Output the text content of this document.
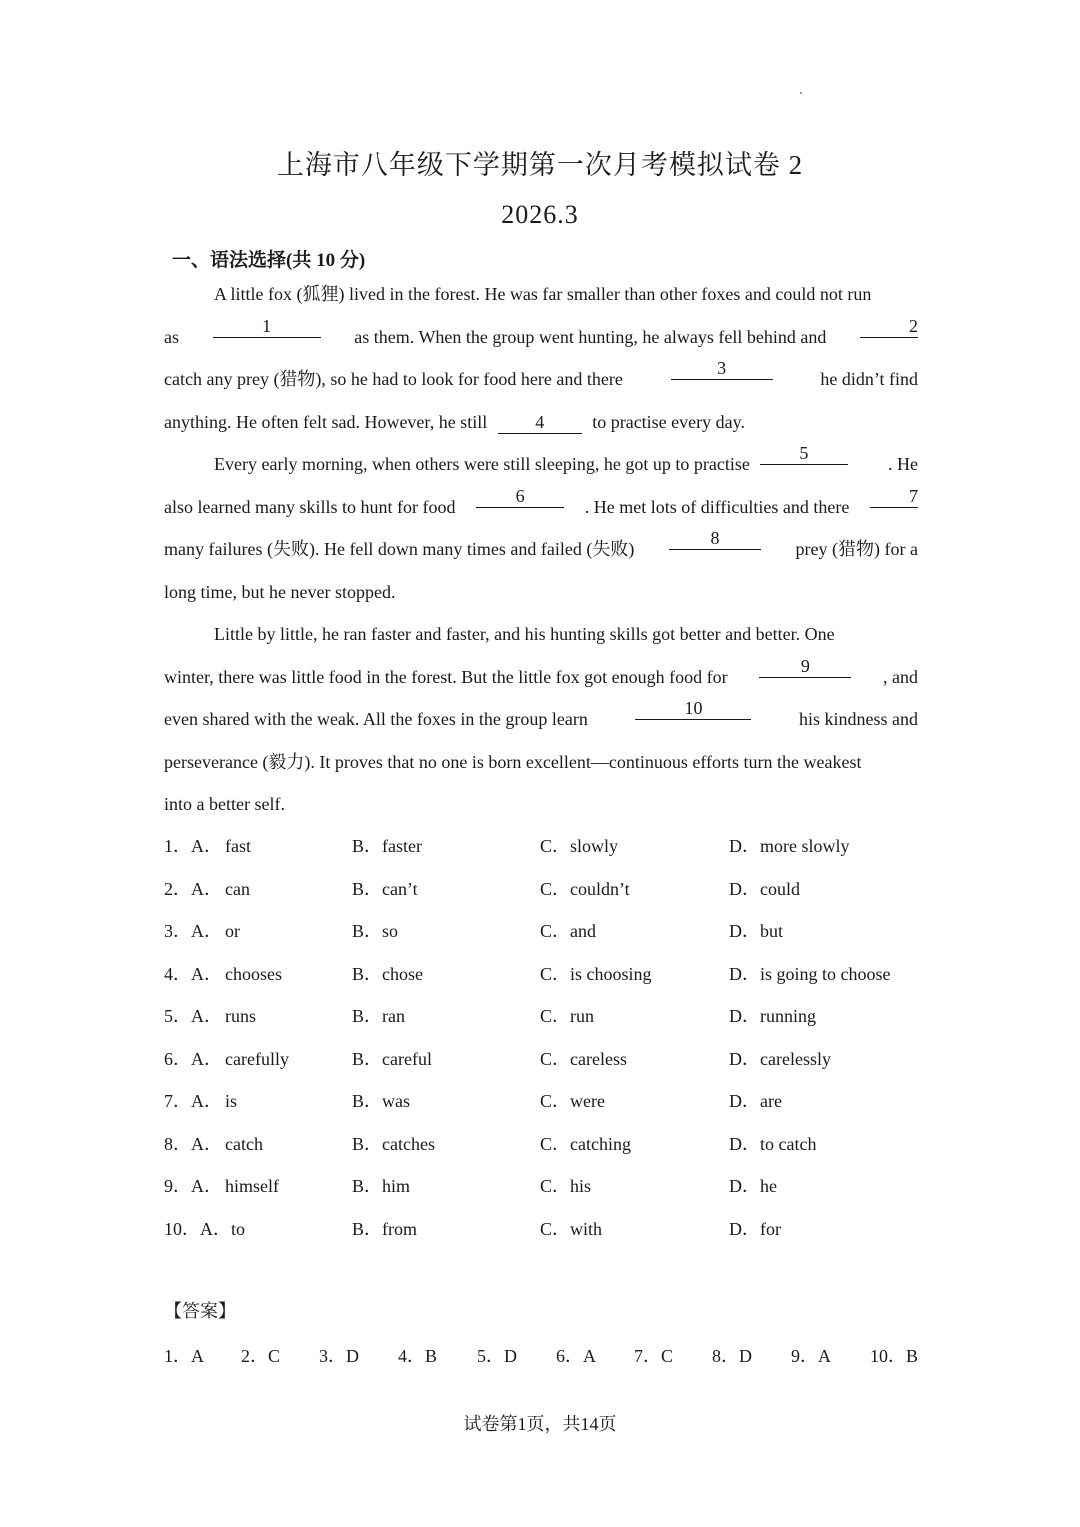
上海市八年级下学期第一次月考模拟试卷 2
2026.3
一、语法选择(共 10 分)
A little fox (狐狸) lived in the forest. He was far smaller than other foxes and could not run
as
1
as them. When the group went hunting, he always fell behind and
2
catch any prey (猎物), so he had to look for food here and there
3
he didn’t find
anything. He often felt sad. However, he still	4	to practise every day.
Every early morning, when others were still sleeping, he got up to practise
5
. He
also learned many skills to hunt for food
6
. He met lots of difficulties and there
7
many failures (失败). He fell down many times and failed (失败)
8
prey (猎物) for a
long time, but he never stopped.
Little by little, he ran faster and faster, and his hunting skills got better and better. One
winter, there was little food in the forest. But the little fox got enough food for
9
, and
even shared with the weak. All the foxes in the group learn
10
his kindness and
perseverance (毅力). It proves that no one is born excellent—continuous efforts turn the weakest
into a better self.
1．A． fast	B．faster	C．slowly	D．more slowly
2．A． can	B．can’t	C．couldn’t	D．could
3．A． or	B．so	C．and	D．but
4．A． chooses	B．chose	C．is choosing	D．is going to choose
5．A． runs	B．ran	C．run	D．running
6．A． carefully	B．careful	C．careless	D．carelessly
7．A． is	B．was	C．were	D．are
8．A． catch	B．catches	C．catching	D．to catch
9．A． himself	B．him	C．his	D．he
10．A． to	B．from	C．with	D．for
【答案】
1．A 2．C 3．D 4．B 5．D 6．A 7．C 8．D 9．A 10．B
试卷第1页，共14页
